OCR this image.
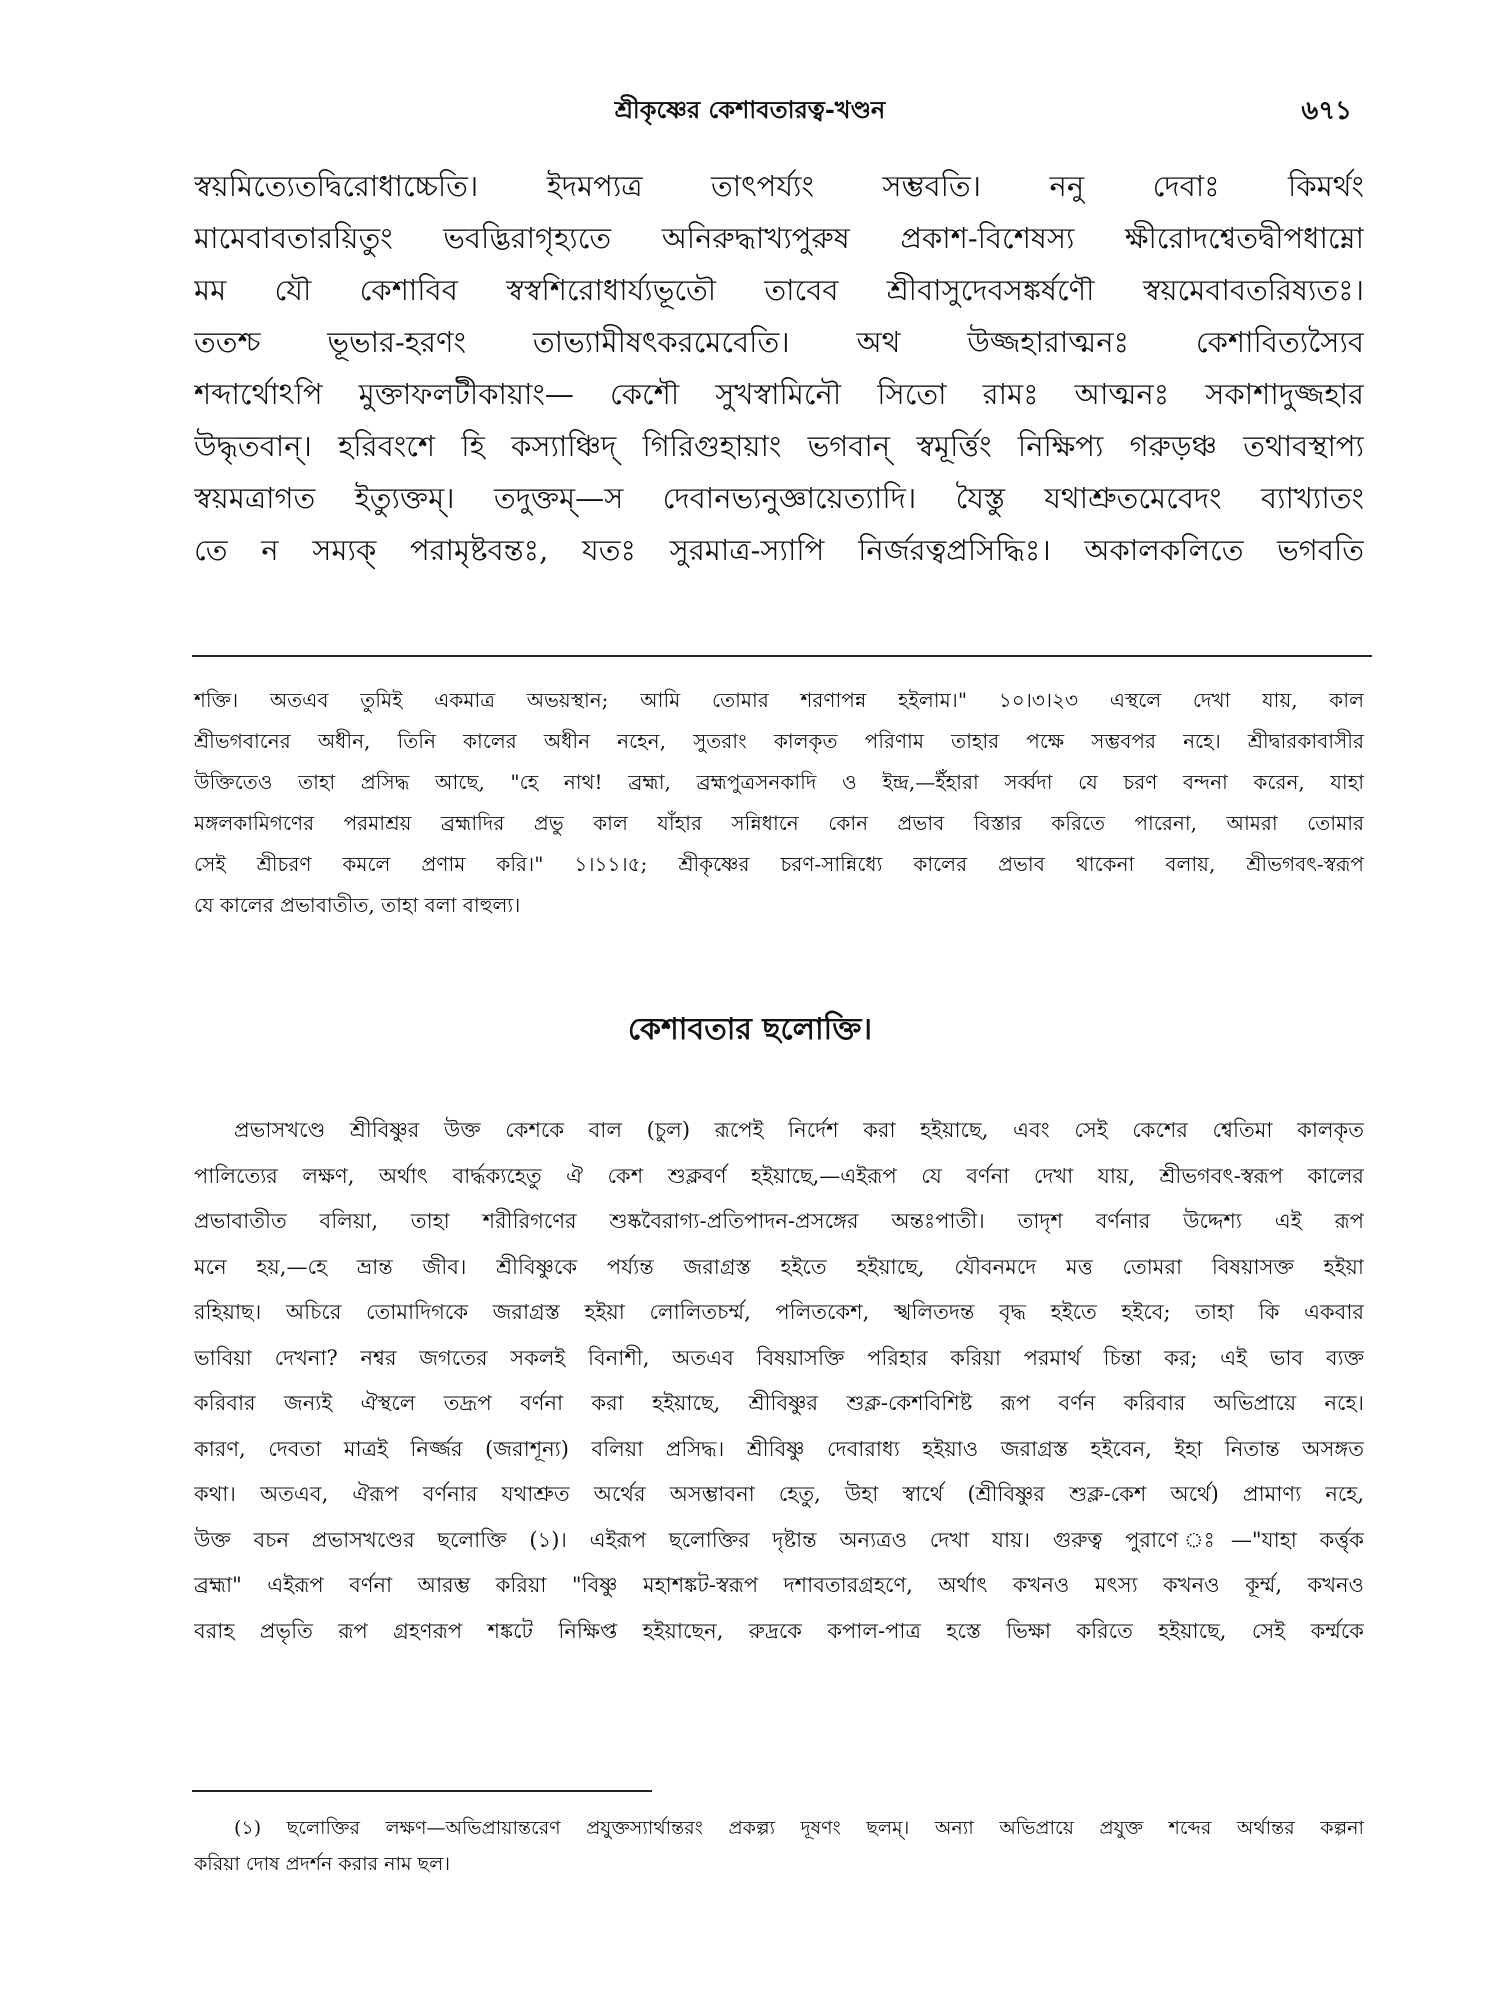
শ্রীকৃষ্ণের কেশাবতারত্ব-খণ্ডন	৬৭১
স্বয়মিত্যেতদ্বিরোধাচ্চেতি। ইদমপ্যত্র তাৎপর্য্যং সম্ভবতি। ননু দেবাঃ কিমর্থং
মামেবাবতারয়িতুং ভবদ্ভিরাগৃহ্যতে অনিরুদ্ধাখ্যপুরুষ প্রকাশ-বিশেষস্য ক্ষীরোদশ্বেতদ্বীপধাম্নো
মম যৌ কেশাবিব স্বস্বশিরোধার্য্যভূতৌ তাবেব শ্রীবাসুদেবসঙ্কর্ষণৌ স্বয়মেবাবতরিষ্যতঃ।
ততশ্চ ভূভার-হরণং তাভ্যামীষৎকরমেবেতি। অথ উজ্জহারাত্মনঃ কেশাবিত্যস্যৈব
শব্দার্থোঽপি মুক্তাফলটীকায়াং— কেশৌ সুখস্বামিনৌ সিতো রামঃ আত্মনঃ সকাশাদুজ্জহার
উদ্ধৃতবান্। হরিবংশে হি কস্যাঞ্চিদ্ গিরিগুহায়াং ভগবান্ স্বমূর্ত্তিং নিক্ষিপ্য গরুড়ঞ্চ তথাবস্থাপ্য
স্বয়মত্রাগত ইত্যুক্তম্। তদুক্তম্—স দেবানভ্যনুজ্ঞায়েত্যাদি। যৈস্তু যথাশ্রুতমেবেদং ব্যাখ্যাতং
তে ন সম্যক্ পরামৃষ্টবন্তঃ, যতঃ সুরমাত্র-স্যাপি নির্জরত্বপ্রসিদ্ধিঃ। অকালকলিতে ভগবতি
শক্তি। অতএব তুমিই একমাত্র অভয়স্থান; আমি তোমার শরণাপন্ন হইলাম।" ১০।৩।২৩ এস্থলে দেখা যায়, কাল
শ্রীভগবানের অধীন, তিনি কালের অধীন নহেন, সুতরাং কালকৃত পরিণাম তাহার পক্ষে সম্ভবপর নহে। শ্রীদ্বারকাবাসীর
উক্তিতেও তাহা প্রসিদ্ধ আছে, "হে নাথ! ব্রহ্মা, ব্রহ্মপুত্রসনকাদি ও ইন্দ্র,—ইঁহারা সর্ব্বদা যে চরণ বন্দনা করেন, যাহা
মঙ্গলকামিগণের পরমাশ্রয় ব্রহ্মাদির প্রভু কাল যাঁহার সন্নিধানে কোন প্রভাব বিস্তার করিতে পারেনা, আমরা তোমার
সেই শ্রীচরণ কমলে প্রণাম করি।" ১।১১।৫; শ্রীকৃষ্ণের চরণ-সান্নিধ্যে কালের প্রভাব থাকেনা বলায়, শ্রীভগবৎ-স্বরূপ
যে কালের প্রভাবাতীত, তাহা বলা বাহুল্য।
কেশাবতার ছলোক্তি।
প্রভাসখণ্ডে শ্রীবিষ্ণুর উক্ত কেশকে বাল (চুল) রূপেই নির্দেশ করা হইয়াছে, এবং সেই কেশের শ্বেতিমা কালকৃত
পালিত্যের লক্ষণ, অর্থাৎ বার্দ্ধক্যহেতু ঐ কেশ শুক্লবর্ণ হইয়াছে,—এইরূপ যে বর্ণনা দেখা যায়, শ্রীভগবৎ-স্বরূপ কালের
প্রভাবাতীত বলিয়া, তাহা শরীরিগণের শুষ্কবৈরাগ্য-প্রতিপাদন-প্রসঙ্গের অন্তঃপাতী। তাদৃশ বর্ণনার উদ্দেশ্য এই রূপ
মনে হয়,—হে ভ্রান্ত জীব। শ্রীবিষ্ণুকে পর্য্যন্ত জরাগ্রস্ত হইতে হইয়াছে, যৌবনমদে মত্ত তোমরা বিষয়াসক্ত হইয়া
রহিয়াছ। অচিরে তোমাদিগকে জরাগ্রস্ত হইয়া লোলিতচর্ম্ম, পলিতকেশ, স্খলিতদন্ত বৃদ্ধ হইতে হইবে; তাহা কি একবার
ভাবিয়া দেখনা? নশ্বর জগতের সকলই বিনাশী, অতএব বিষয়াসক্তি পরিহার করিয়া পরমার্থ চিন্তা কর; এই ভাব ব্যক্ত
করিবার জন্যই ঐস্থলে তদ্রূপ বর্ণনা করা হইয়াছে, শ্রীবিষ্ণুর শুক্ল-কেশবিশিষ্ট রূপ বর্ণন করিবার অভিপ্রায়ে নহে।
কারণ, দেবতা মাত্রই নির্জ্জর (জরাশূন্য) বলিয়া প্রসিদ্ধ। শ্রীবিষ্ণু দেবারাধ্য হইয়াও জরাগ্রস্ত হইবেন, ইহা নিতান্ত অসঙ্গত
কথা। অতএব, ঐরূপ বর্ণনার যথাশ্রুত অর্থের অসম্ভাবনা হেতু, উহা স্বার্থে (শ্রীবিষ্ণুর শুক্ল-কেশ অর্থে) প্রামাণ্য নহে,
উক্ত বচন প্রভাসখণ্ডের ছলোক্তি (১)। এইরূপ ছলোক্তির দৃষ্টান্ত অন্যত্রও দেখা যায়। গুরুত্ব পুরাণে ঃ—"যাহা কর্ত্তৃক
ব্রহ্মা" এইরূপ বর্ণনা আরম্ভ করিয়া "বিষ্ণু মহাশঙ্কট-স্বরূপ দশাবতারগ্রহণে, অর্থাৎ কখনও মৎস্য কখনও কূর্ম্ম, কখনও
বরাহ প্রভৃতি রূপ গ্রহণরূপ শঙ্কটে নিক্ষিপ্ত হইয়াছেন, রুদ্রকে কপাল-পাত্র হস্তে ভিক্ষা করিতে হইয়াছে, সেই কর্ম্মকে
(১) ছলোক্তির লক্ষণ—অভিপ্রায়ান্তরেণ প্রযুক্তস্যার্থান্তরং প্রকল্প্য দূষণং ছলম্। অন্যা অভিপ্রায়ে প্রযুক্ত শব্দের অর্থান্তর কল্পনা
করিয়া দোষ প্রদর্শন করার নাম ছল।
